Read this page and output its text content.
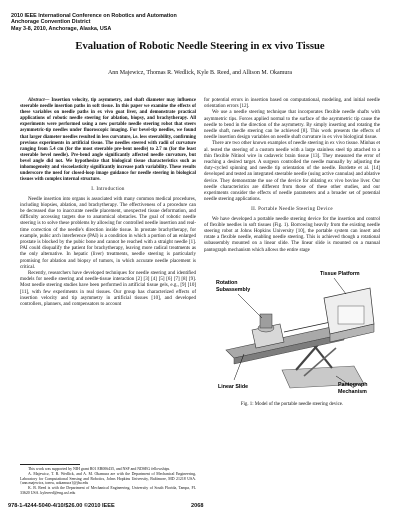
2010 IEEE International Conference on Robotics and Automation
Anchorage Convention District
May 3-8, 2010, Anchorage, Alaska, USA
Evaluation of Robotic Needle Steering in ex vivo Tissue
Ann Majewicz, Thomas R. Wedlick, Kyle B. Reed, and Allison M. Okamura

Abstract— Insertion velocity, tip asymmetry, and shaft diameter may influence steerable needle insertion paths in soft tissue. In this paper we examine the effects of these variables on needle paths in ex vivo goat liver, and demonstrate practical applications of robotic needle steering for ablation, biopsy, and brachytherapy. All experiments were performed using a new portable needle steering robot that steers asymmetric-tip needles under fluoroscopic imaging. For bevel-tip needles, we found that larger diameter needles resulted in less curvature, i.e. less steerability, confirming previous experiments in artificial tissue. The needles steered with radii of curvature ranging from 5.4 cm (for the most steerable pre-bent needle) to 2.7 m (for the least steerable bevel needle). Pre-bend angle significantly affected needle curvature, but bevel angle did not. We hypothesize that biological tissue characteristics such as inhomogeneity and viscoelasticity significantly increase path variability. These results underscore the need for closed-loop image guidance for needle steering in biological tissues with complex internal structure.

I. Introduction

Needle insertion into organs is associated with many common medical procedures, including biopsies, ablation, and brachytherapy. The effectiveness of a procedure can be decreased due to inaccurate needle placement, unexpected tissue deformation, and difficulty accessing targets due to anatomical obstacles. The goal of robotic needle steering is to solve these problems by allowing for controlled needle insertion and real-time correction of the needle's direction inside tissue. In prostate brachytherapy, for example, pubic arch interference (PAI) is a condition in which a portion of an enlarged prostate is blocked by the pubic bone and cannot be reached with a straight needle [1]. PAI could disqualify the patient for brachytherapy, leaving more radical treatments as the only alternative. In hepatic (liver) treatments, needle steering is particularly promising for ablation and biopsy of tumors, in which accurate needle placement is critical.

Recently, researchers have developed techniques for needle steering and identified models for needle steering and needle-tissue interaction [2] [3] [4] [5] [6] [7] [8] [9]. Most needle steering studies have been performed in artificial tissue gels, e.g., [9] [10] [11], with few experiments in real tissues. Our group has characterized effects of insertion velocity and tip asymmetry in artificial tissues [10], and developed controllers, planners, and compensators to account

This work was supported by NIH grant R01 EB006435, and NSF and NDSEG fellowships.

A. Majewicz, T. R. Wedlick, and A. M. Okamura are with the Department of Mechanical Engineering, Laboratory for Computational Sensing and Robotics, Johns Hopkins University, Baltimore, MD 21218 USA. {ann.majewicz, tomw, aokamura}@jhu.edu

K. B. Reed is with the Department of Mechanical Engineering, University of South Florida, Tampa, FL 33620 USA. kylereed@eng.usf.edu

for potential errors in insertion based on computational, modeling, and initial needle orientation errors [12].

We use a needle steering technique that incorporates flexible needle shafts with asymmetric tips. Forces applied normal to the surface of the asymmetric tip cause the needle to bend in the direction of the asymmetry. By simply inserting and rotating the needle shaft, needle steering can be achieved [8]. This work presents the effects of needle insertion design variables on needle shaft curvature in ex vivo biological tissue.

There are two other known examples of needle steering in ex vivo tissue. Minhas et al. tested the steering of a custom needle with a large stainless steel tip attached to a thin flexible Nitinol wire in cadaveric brain tissue [13]. They measured the error of reaching a desired target. A surgeon controlled the needle manually by adjusting the duty-cycled spinning and needle tip orientation of the needle. Burdette et al. [14] developed and tested an integrated steerable needle (using active cannulas) and ablative device. They demonstrate the use of the device for ablating ex vivo bovine liver. Our needle characteristics are different from those of these other studies, and our experiments consider the effects of needle parameters and a broader set of potential needle steering applications.

II. Portable Needle Steering Device

We have developed a portable needle steering device for the insertion and control of flexible needles in soft tissues (Fig. 1). Borrowing heavily from the existing needle steering robot at Johns Hopkins University [10], the portable system can insert and rotate a flexible needle, enabling needle steering. This is achieved though a rotational subassembly mounted on a linear slide. The linear slide is mounted on a manual pantograph mechanism which allows the entire stage

Tissue Platform
Rotation
Subassembly
Linear Slide	Pantograph
Mechanism
Fig. 1: Model of the portable needle steering device.
978-1-4244-5040-4/10/$26.00 ©2010 IEEE	2068
